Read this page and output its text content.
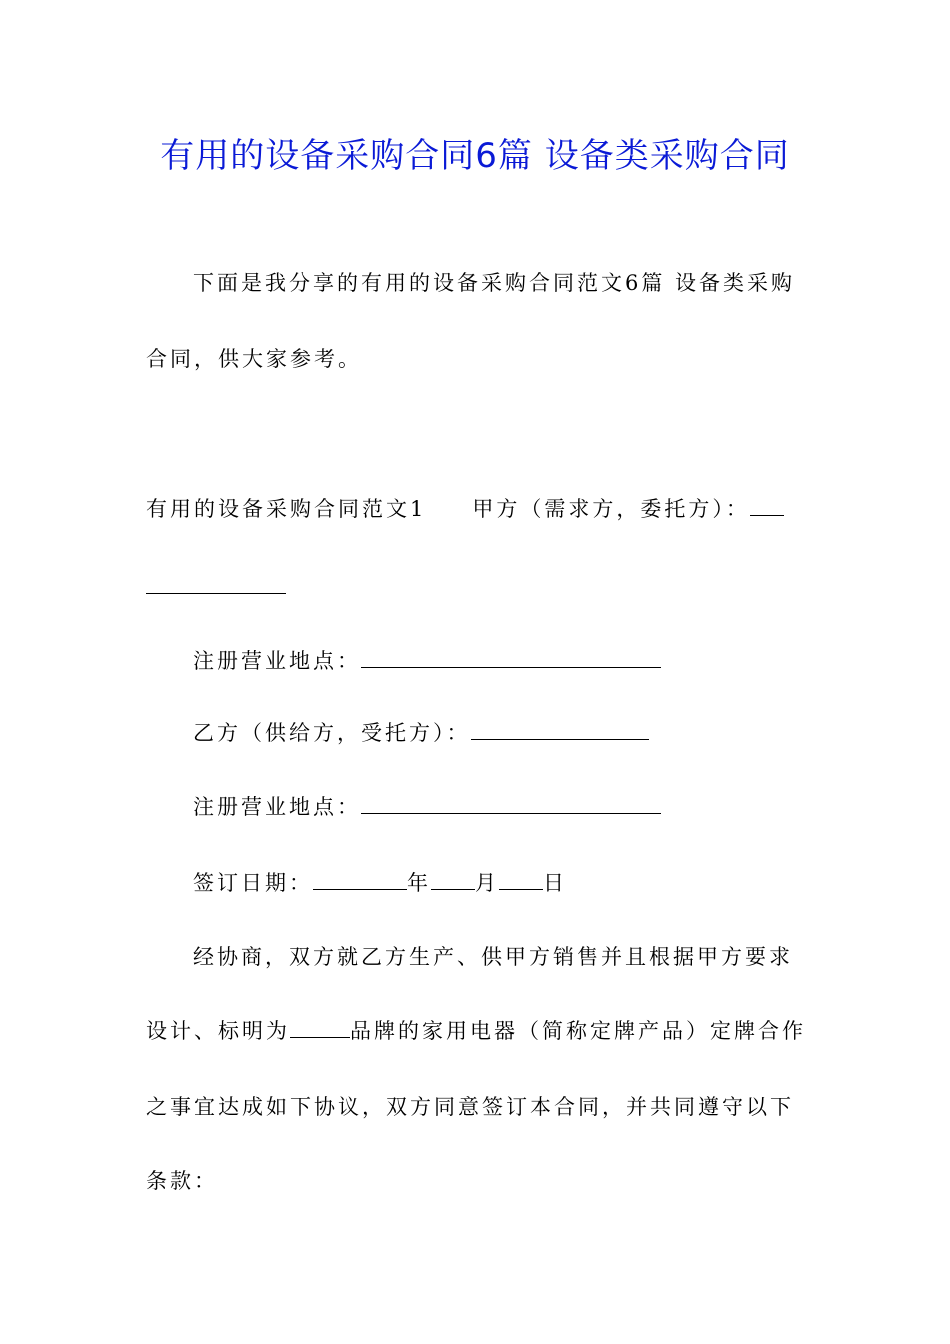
有用的设备采购合同6篇 设备类采购合同
下面是我分享的有用的设备采购合同范文6篇 设备类采购
合同，供大家参考。
有用的设备采购合同范文1 甲方（需求方，委托方）：
注册营业地点：
乙方（供给方，受托方）：
注册营业地点：
签订日期：	年 月 日
经协商，双方就乙方生产、供甲方销售并且根据甲方要求
设计、标明为	品牌的家用电器（简称定牌产品）定牌合作
之事宜达成如下协议，双方同意签订本合同，并共同遵守以下
条款：
